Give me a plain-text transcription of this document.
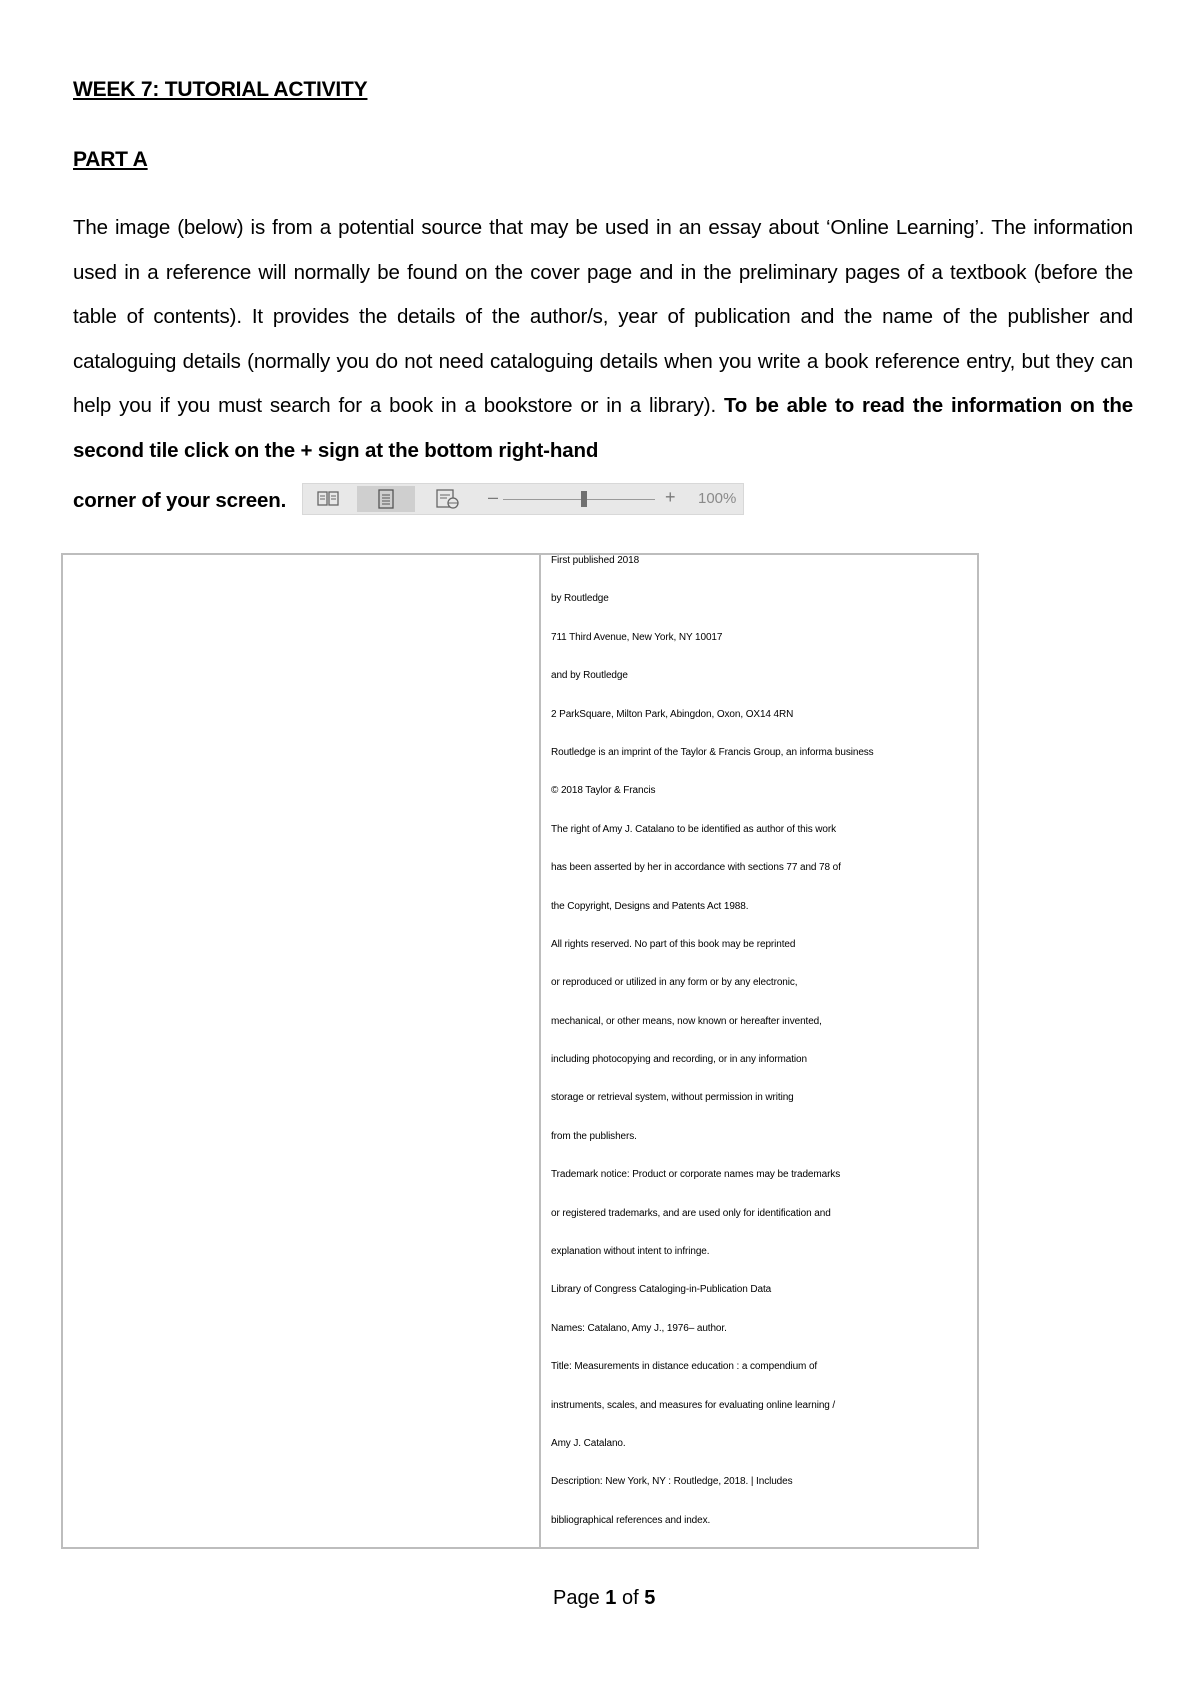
WEEK 7: TUTORIAL ACTIVITY
PART A
The image (below) is from a potential source that may be used in an essay about ‘Online Learning’. The information used in a reference will normally be found on the cover page and in the preliminary pages of a textbook (before the table of contents). It provides the details of the author/s, year of publication and the name of the publisher and cataloguing details (normally you do not need cataloguing details when you write a book reference entry, but they can help you if you must search for a book in a bookstore or in a library). To be able to read the information on the second tile click on the + sign at the bottom right-hand
corner of your screen.	–	+ 100%
First published 2018
by Routledge
711 Third Avenue, New York, NY 10017
and by Routledge
2 ParkSquare, Milton Park, Abingdon, Oxon, OX14 4RN
Routledge is an imprint of the Taylor & Francis Group, an informa business
© 2018 Taylor & Francis
The right of Amy J. Catalano to be identified as author of this work
has been asserted by her in accordance with sections 77 and 78 of
the Copyright, Designs and Patents Act 1988.
All rights reserved. No part of this book may be reprinted
or reproduced or utilized in any form or by any electronic,
mechanical, or other means, now known or hereafter invented,
including photocopying and recording, or in any information
storage or retrieval system, without permission in writing
from the publishers.
Trademark notice: Product or corporate names may be trademarks
or registered trademarks, and are used only for identification and
explanation without intent to infringe.
Library of Congress Cataloging-in-Publication Data
Names: Catalano, Amy J., 1976– author.
Title: Measurements in distance education : a compendium of
instruments, scales, and measures for evaluating online learning /
Amy J. Catalano.
Description: New York, NY : Routledge, 2018. | Includes
bibliographical references and index.
Page 1 of 5
